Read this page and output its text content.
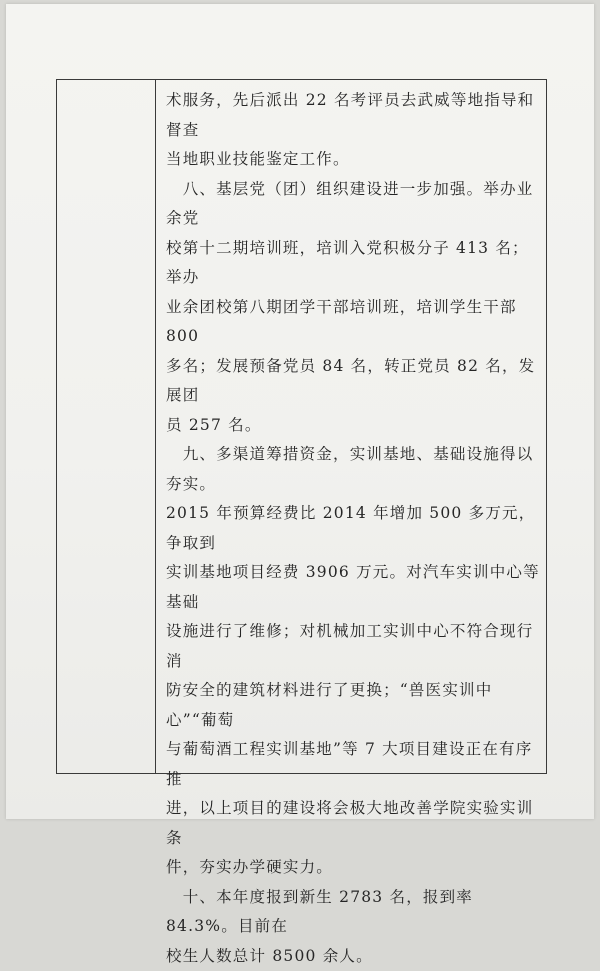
术服务，先后派出 22 名考评员去武威等地指导和督查
当地职业技能鉴定工作。

　八、基层党（团）组织建设进一步加强。举办业余党
校第十二期培训班，培训入党积极分子 413 名；举办
业余团校第八期团学干部培训班，培训学生干部 800
多名；发展预备党员 84 名，转正党员 82 名，发展团
员 257 名。

　九、多渠道筹措资金，实训基地、基础设施得以夯实。
2015 年预算经费比 2014 年增加 500 多万元，争取到
实训基地项目经费 3906 万元。对汽车实训中心等基础
设施进行了维修；对机械加工实训中心不符合现行消
防安全的建筑材料进行了更换；“兽医实训中心”“葡萄
与葡萄酒工程实训基地”等 7 大项目建设正在有序推
进，以上项目的建设将会极大地改善学院实验实训条
件，夯实办学硬实力。

　十、本年度报到新生 2783 名，报到率 84.3%。目前在
校生人数总计 8500 余人。
